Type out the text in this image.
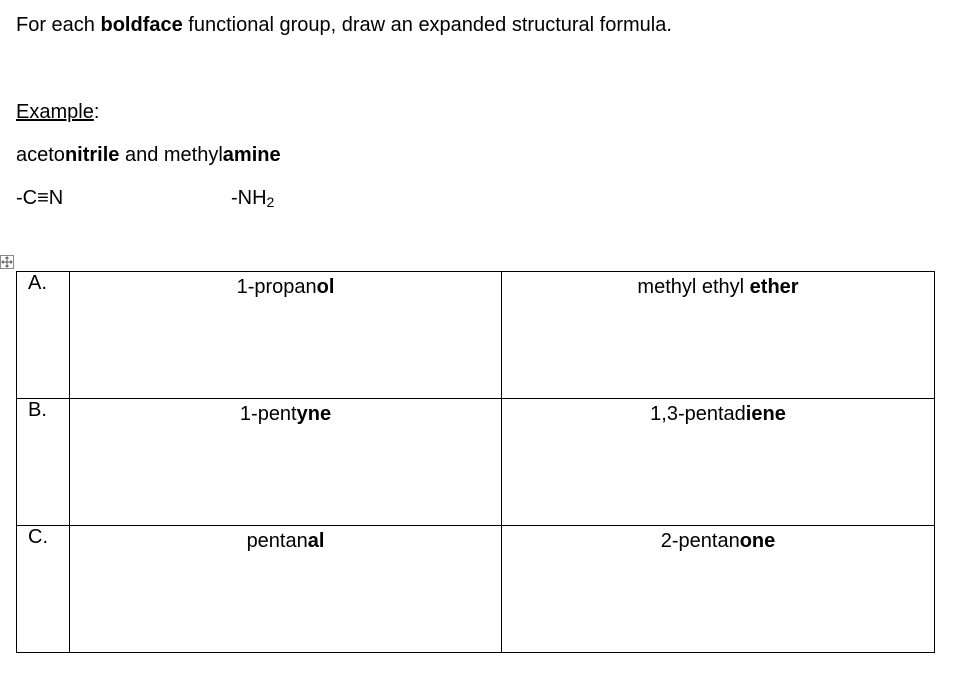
For each boldface functional group, draw an expanded structural formula.
Example:
acetonitrile and methylamine
-C≡N	$-NH_2$
A.	1-propanol	methyl ethyl ether

B.	1-pentyne	1,3-pentadiene

C.	pentanal	2-pentanone
